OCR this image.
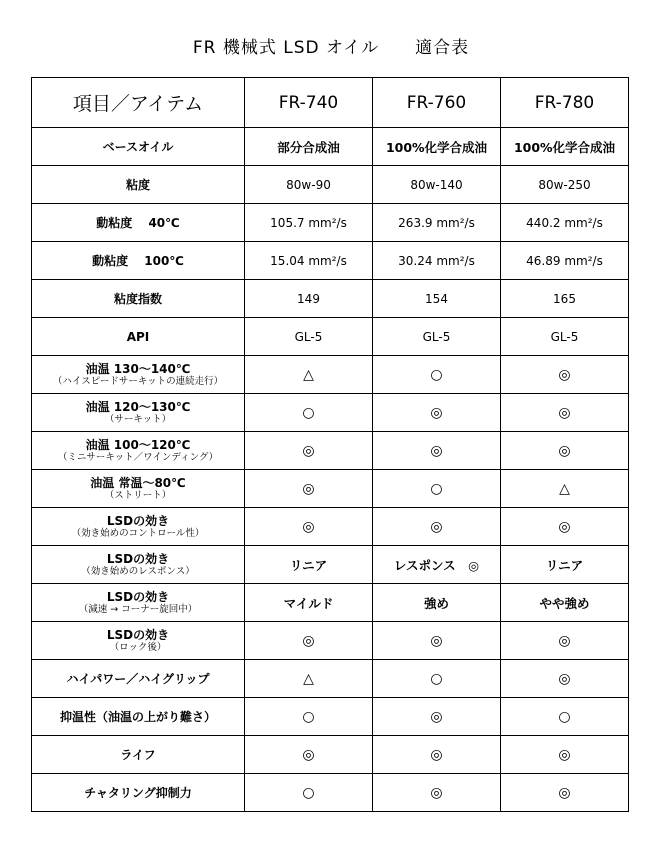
FR 機械式 LSD オイル　　適合表
項目／アイテム	FR-740	FR-760	FR-780
ベースオイル	部分合成油	100%化学合成油	100%化学合成油
粘度	80w-90	80w-140	80w-250
動粘度　 40℃	105.7 mm²/s	263.9 mm²/s	440.2 mm²/s
動粘度　 100℃	15.04 mm²/s	30.24 mm²/s	46.89 mm²/s
粘度指数	149	154	165
API	GL-5	GL-5	GL-5
油温 130～140℃
（ハイスピードサーキットの連続走行）	△	○	◎
油温 120～130℃
（サーキット）	○	◎	◎
油温 100～120℃
（ミニサーキット／ワインディング）	◎	◎	◎
油温 常温～80℃
（ストリート）	◎	○	△
LSDの効き
（効き始めのコントロール性）	◎	◎	◎
LSDの効き
（効き始めのレスポンス）	リニア	レスポンス　◎	リニア
LSDの効き
（減速 → コーナー旋回中）	マイルド	強め	やや強め
LSDの効き
（ロック後）	◎	◎	◎
ハイパワー／ハイグリップ	△	○	◎
抑温性（油温の上がり難さ）	○	◎	○
ライフ	◎	◎	◎
チャタリング抑制力	○	◎	◎
